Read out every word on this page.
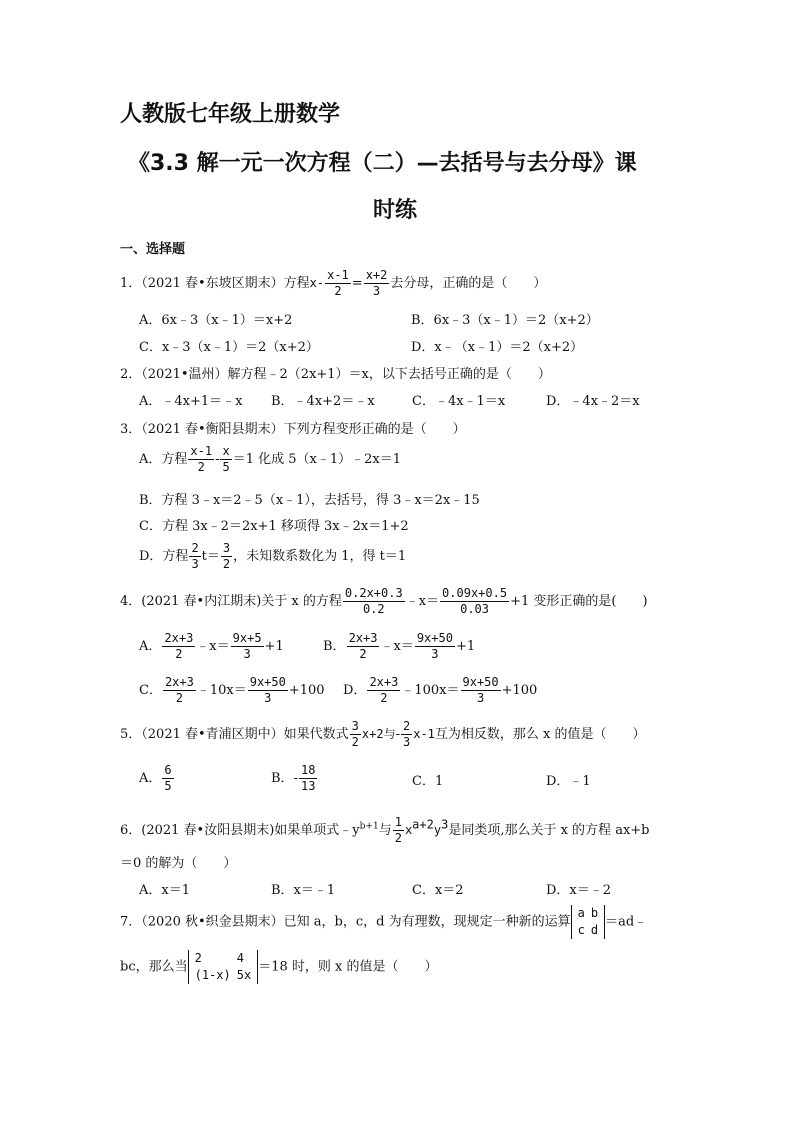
人教版七年级上册数学
《3.3 解一元一次方程（二）—去括号与去分母》课
时练
一、选择题
1．（2021 春•东坡区期末）方程$x- \frac{x-1}{2} = \frac{x+2}{3}$ 去分母，正确的是（　　）
A．6x﹣3（x﹣1）＝x+2	B．6x﹣3（x﹣1）＝2（x+2）
C．x﹣3（x﹣1）＝2（x+2）	D．x﹣（x﹣1）＝2（x+2）
2．（2021•温州）解方程﹣2（2x+1）＝x，以下去括号正确的是（　　）
A．﹣4x+1＝﹣x B．﹣4x+2＝﹣x	C．﹣4x﹣1＝x	D．﹣4x﹣2＝x
3．（2021 春•衡阳县期末）下列方程变形正确的是（　　）
A．方程 $\frac{x-1}{2} - \frac{x}{5} =1$ 化成 5（x﹣1）﹣2x＝1
B．方程 3﹣x＝2﹣5（x﹣1），去括号，得 3﹣x＝2x﹣15
C．方程 3x﹣2＝2x+1 移项得 3x﹣2x＝1+2
D．方程 $\frac{2}{3} t= \frac{3}{2}$ ，未知数系数化为 1，得 t＝1
4．(2021 春•内江期末)关于 x 的方程 $\frac{0.2x+0.3}{0.2}$ ﹣x＝ $\frac{0.09x+0.5}{0.03} +1$ 变形正确的是(　　)
A． $\frac{2x+3}{2}$ ﹣x＝ $\frac{9x+5}{3} +1$	B． $\frac{2x+3}{2}$ ﹣x＝ $\frac{9x+50}{3} +1$
C． $\frac{2x+3}{2}$ ﹣10x＝ $\frac{9x+50}{3} +100$ D． $\frac{2x+3}{2}$ ﹣100x＝ $\frac{9x+50}{3} +100$
5．（2021 春•青浦区期中）如果代数式 $\frac{3}{2} x+2$与- $\frac{2}{3} x-1$互为相反数，那么 x 的值是（　　）
A． $\frac{6}{5}$	B．- $\frac{18}{13}$	C．1	D．﹣1
6．(2021 春•汝阳县期末)如果单项式$﹣y^{b+1}$与 $\frac{1}{2} x^{a+2}y^3$是同类项,那么关于 x 的方程 ax+b
＝0 的解为（　　）
A．x＝1	B．x＝﹣1	C．x＝2	D．x＝﹣2
7．（2020 秋•织金县期末）已知 a，b，c，d 为有理数，现规定一种新的运算
a	b
c	d
＝ad﹣
bc，那么当
2	4
(1-x)	5x
＝18 时，则 x 的值是（　　）
